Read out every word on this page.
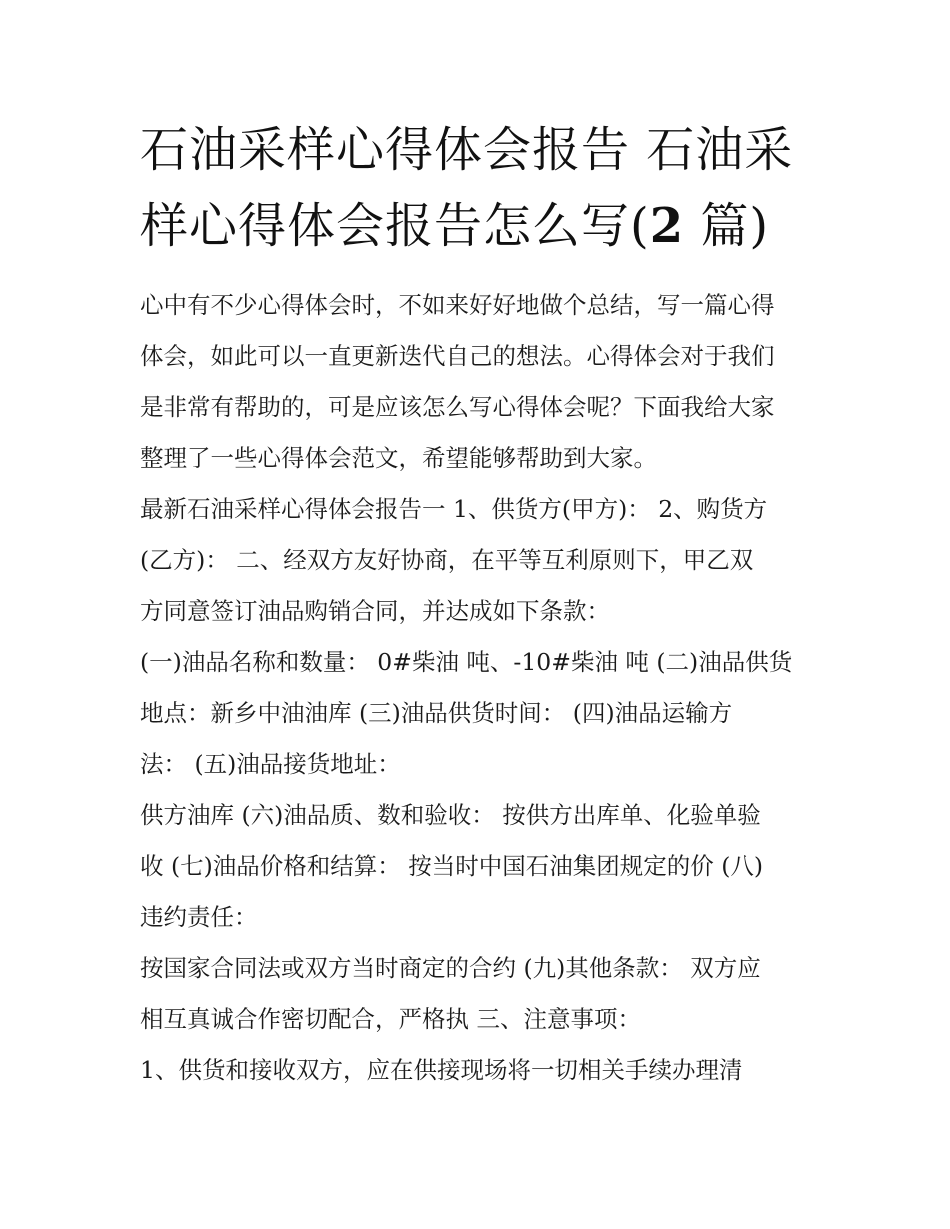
石油采样心得体会报告 石油采
样心得体会报告怎么写(2 篇)
心中有不少心得体会时，不如来好好地做个总结，写一篇心得
体会，如此可以一直更新迭代自己的想法。心得体会对于我们
是非常有帮助的，可是应该怎么写心得体会呢？下面我给大家
整理了一些心得体会范文，希望能够帮助到大家。
最新石油采样心得体会报告一 1、供货方(甲方)： 2、购货方
(乙方)： 二、经双方友好协商，在平等互利原则下，甲乙双
方同意签订油品购销合同，并达成如下条款：
(一)油品名称和数量： 0#柴油 吨、-10#柴油 吨 (二)油品供货
地点：新乡中油油库 (三)油品供货时间： (四)油品运输方
法： (五)油品接货地址：
供方油库 (六)油品质、数和验收： 按供方出库单、化验单验
收 (七)油品价格和结算： 按当时中国石油集团规定的价 (八)
违约责任：
按国家合同法或双方当时商定的合约 (九)其他条款： 双方应
相互真诚合作密切配合，严格执 三、注意事项：
1、供货和接收双方，应在供接现场将一切相关手续办理清
